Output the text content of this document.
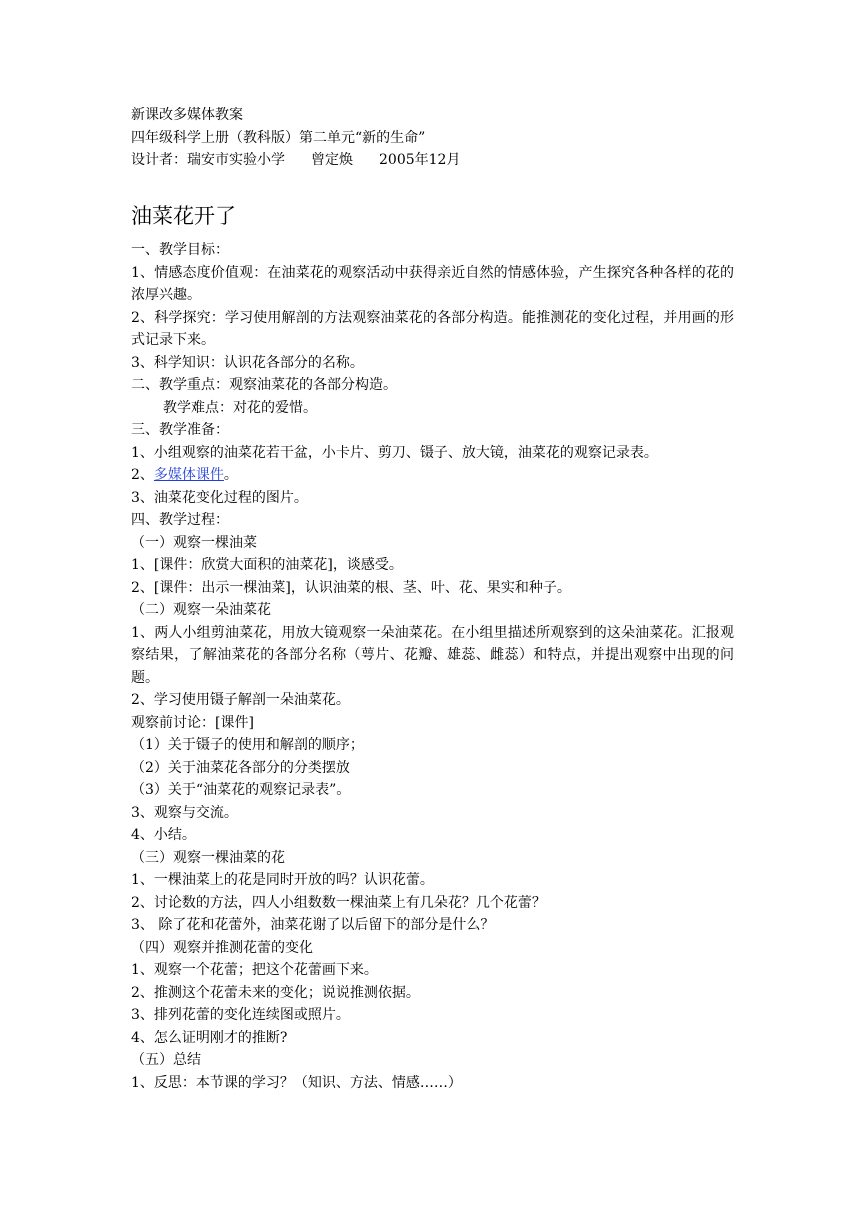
新课改多媒体教案
四年级科学上册（教科版）第二单元“新的生命”
设计者：瑞安市实验小学 曾定焕 2005年12月
油菜花开了
一、教学目标：
1、情感态度价值观：在油菜花的观察活动中获得亲近自然的情感体验，产生探究各种各样的花的浓厚兴趣。
2、科学探究：学习使用解剖的方法观察油菜花的各部分构造。能推测花的变化过程，并用画的形式记录下来。
3、科学知识：认识花各部分的名称。
二、教学重点：观察油菜花的各部分构造。
教学难点：对花的爱惜。
三、教学准备：
1、小组观察的油菜花若干盆，小卡片、剪刀、镊子、放大镜，油菜花的观察记录表。
2、多媒体课件。
3、油菜花变化过程的图片。
四、教学过程：
（一）观察一棵油菜
1、[课件：欣赏大面积的油菜花]，谈感受。
2、[课件：出示一棵油菜]，认识油菜的根、茎、叶、花、果实和种子。
（二）观察一朵油菜花
1、两人小组剪油菜花，用放大镜观察一朵油菜花。在小组里描述所观察到的这朵油菜花。汇报观察结果，了解油菜花的各部分名称（萼片、花瓣、雄蕊、雌蕊）和特点，并提出观察中出现的问题。
2、学习使用镊子解剖一朵油菜花。
观察前讨论：[课件]
（1）关于镊子的使用和解剖的顺序；
（2）关于油菜花各部分的分类摆放
（3）关于“油菜花的观察记录表”。
3、观察与交流。
4、小结。
（三）观察一棵油菜的花
1、一棵油菜上的花是同时开放的吗？认识花蕾。
2、讨论数的方法，四人小组数数一棵油菜上有几朵花？几个花蕾？
3、 除了花和花蕾外，油菜花谢了以后留下的部分是什么？
（四）观察并推测花蕾的变化
1、观察一个花蕾；把这个花蕾画下来。
2、推测这个花蕾未来的变化；说说推测依据。
3、排列花蕾的变化连续图或照片。
4、怎么证明刚才的推断?
（五）总结
1、反思：本节课的学习？（知识、方法、情感……）
